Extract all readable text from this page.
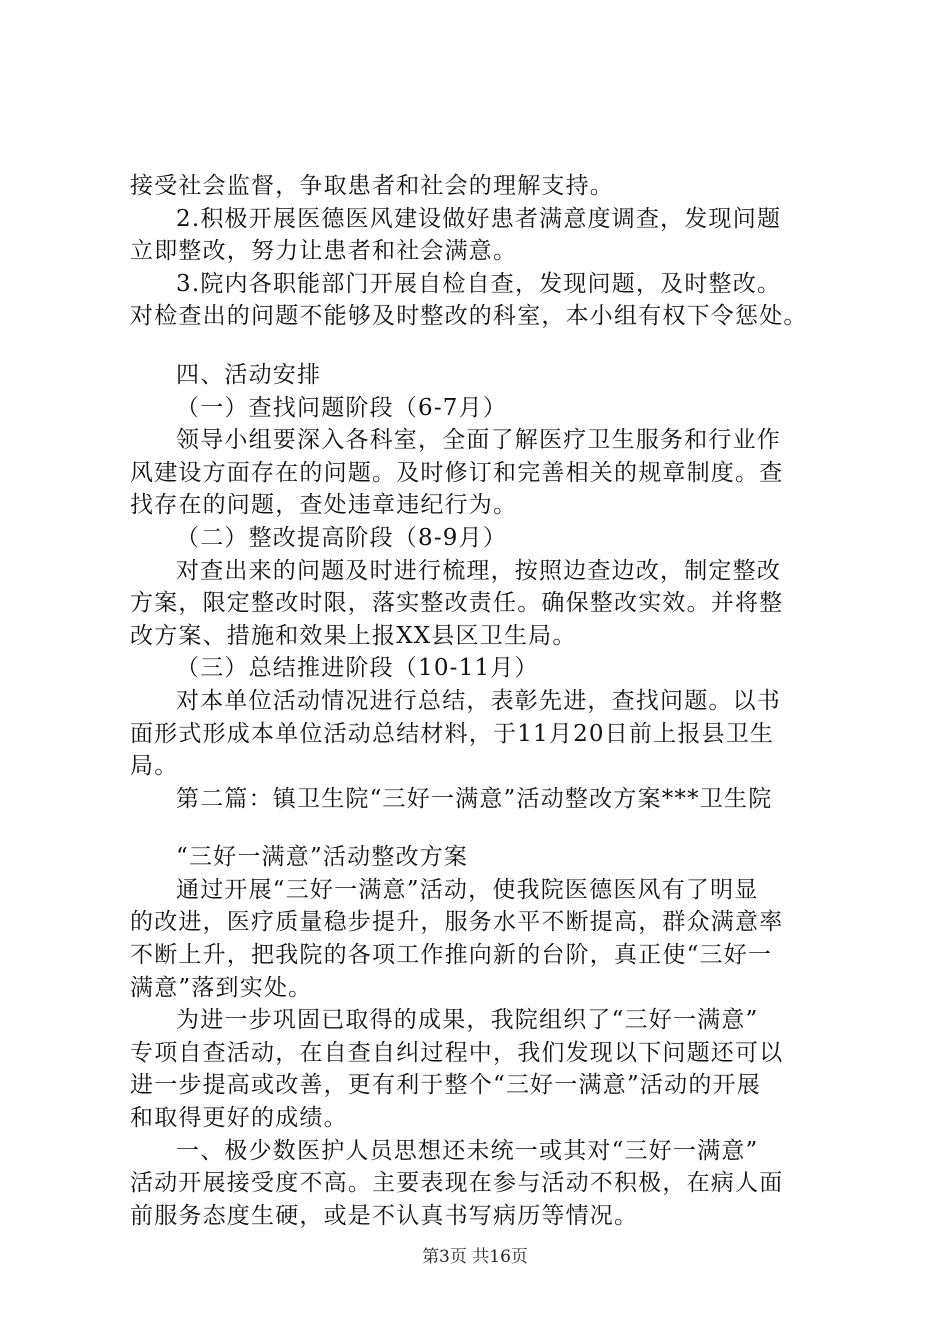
接受社会监督，争取患者和社会的理解支持。
2.积极开展医德医风建设做好患者满意度调查，发现问题
立即整改，努力让患者和社会满意。
3.院内各职能部门开展自检自查，发现问题，及时整改。
对检查出的问题不能够及时整改的科室，本小组有权下令惩处。
四、活动安排
（一）查找问题阶段（6-7月）
领导小组要深入各科室，全面了解医疗卫生服务和行业作
风建设方面存在的问题。及时修订和完善相关的规章制度。查
找存在的问题，查处违章违纪行为。
（二）整改提高阶段（8-9月）
对查出来的问题及时进行梳理，按照边查边改，制定整改
方案，限定整改时限，落实整改责任。确保整改实效。并将整
改方案、措施和效果上报XX县区卫生局。
（三）总结推进阶段（10-11月）
对本单位活动情况进行总结，表彰先进，查找问题。以书
面形式形成本单位活动总结材料，于11月20日前上报县卫生
局。
第二篇：镇卫生院“三好一满意”活动整改方案***卫生院
“三好一满意”活动整改方案
通过开展“三好一满意”活动，使我院医德医风有了明显
的改进，医疗质量稳步提升，服务水平不断提高，群众满意率
不断上升，把我院的各项工作推向新的台阶，真正使“三好一
满意”落到实处。
为进一步巩固已取得的成果，我院组织了“三好一满意”
专项自查活动，在自查自纠过程中，我们发现以下问题还可以
进一步提高或改善，更有利于整个“三好一满意”活动的开展
和取得更好的成绩。
一、极少数医护人员思想还未统一或其对“三好一满意”
活动开展接受度不高。主要表现在参与活动不积极，在病人面
前服务态度生硬，或是不认真书写病历等情况。
第3页 共16页
